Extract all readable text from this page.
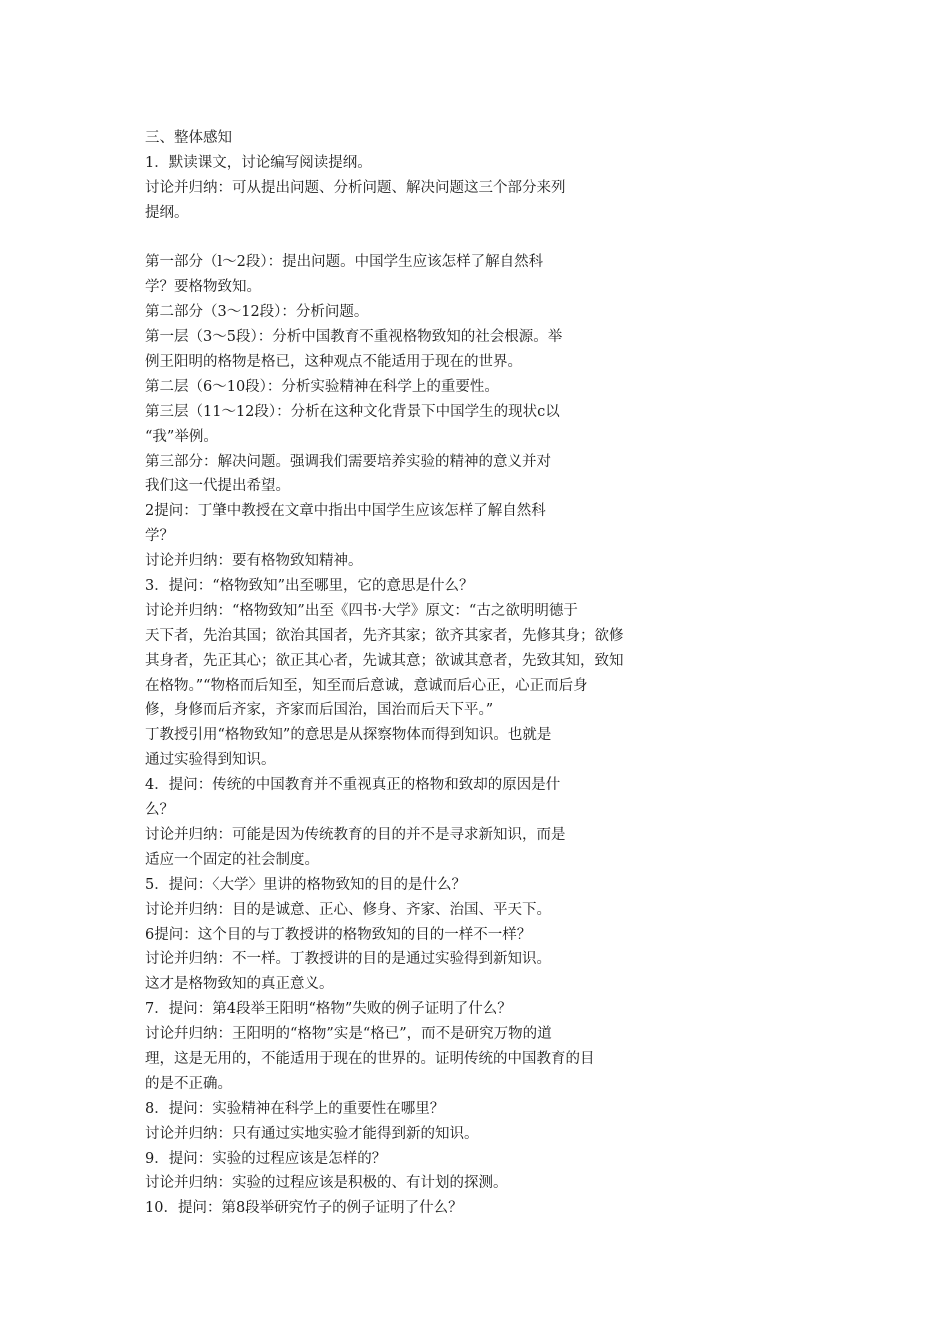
三、整体感知
1．默读课文，讨论编写阅读提纲。
讨论并归纳：可从提出问题、分析问题、解决问题这三个部分来列
提纲。
第一部分（l～2段）：提出问题。中国学生应该怎样了解自然科
学？要格物致知。
第二部分（3～12段）：分析问题。
第一层（3～5段）：分析中国教育不重视格物致知的社会根源。举
例王阳明的格物是格已，这种观点不能适用于现在的世界。
第二层（6～10段）：分析实验精神在科学上的重要性。
第三层（11～12段）：分析在这种文化背景下中国学生的现状c以
“我”举例。
第三部分：解决问题。强调我们需要培养实验的精神的意义并对
我们这一代提出希望。
2提问：丁肇中教授在文章中指出中国学生应该怎样了解自然科
学？
讨论并归纳：要有格物致知精神。
3．提问：“格物致知”出至哪里，它的意思是什么？
讨论并归纳：“格物致知”出至《四书·大学》原文：“古之欲明明德于
天下者，先治其国；欲治其国者，先齐其家；欲齐其家者，先修其身；欲修
其身者，先正其心；欲正其心者，先诚其意；欲诚其意者，先致其知，致知
在格物。”“物格而后知至，知至而后意诚，意诚而后心正，心正而后身
修，身修而后齐家，齐家而后国治，国治而后天下平。”
丁教授引用“格物致知”的意思是从探察物体而得到知识。也就是
通过实验得到知识。
4．提问：传统的中国教育并不重视真正的格物和致却的原因是什
么？
讨论并归纳：可能是因为传统教育的目的并不是寻求新知识，而是
适应一个固定的社会制度。
5．提问：〈大学〉里讲的格物致知的目的是什么？
讨论并归纳：目的是诚意、正心、修身、齐家、治国、平天下。
6提问：这个目的与丁教授讲的格物致知的目的一样不一样？
讨论并归纳：不一样。丁教授讲的目的是通过实验得到新知识。
这才是格物致知的真正意义。
7．提问：第4段举王阳明“格物”失败的例子证明了什么？
讨论幷归纳：王阳明的“格物”实是“格已”，而不是研究万物的道
理，这是无用的，不能适用于现在的世界的。证明传统的中国教育的目
的是不正确。
8．提问：实验精神在科学上的重要性在哪里？
讨论并归纳：只有通过实地实验才能得到新的知识。
9．提问：实验的过程应该是怎样的？
讨论并归纳：实验的过程应该是积极的、有计划的探测。
10．提问：第8段举研究竹子的例子证明了什么？
